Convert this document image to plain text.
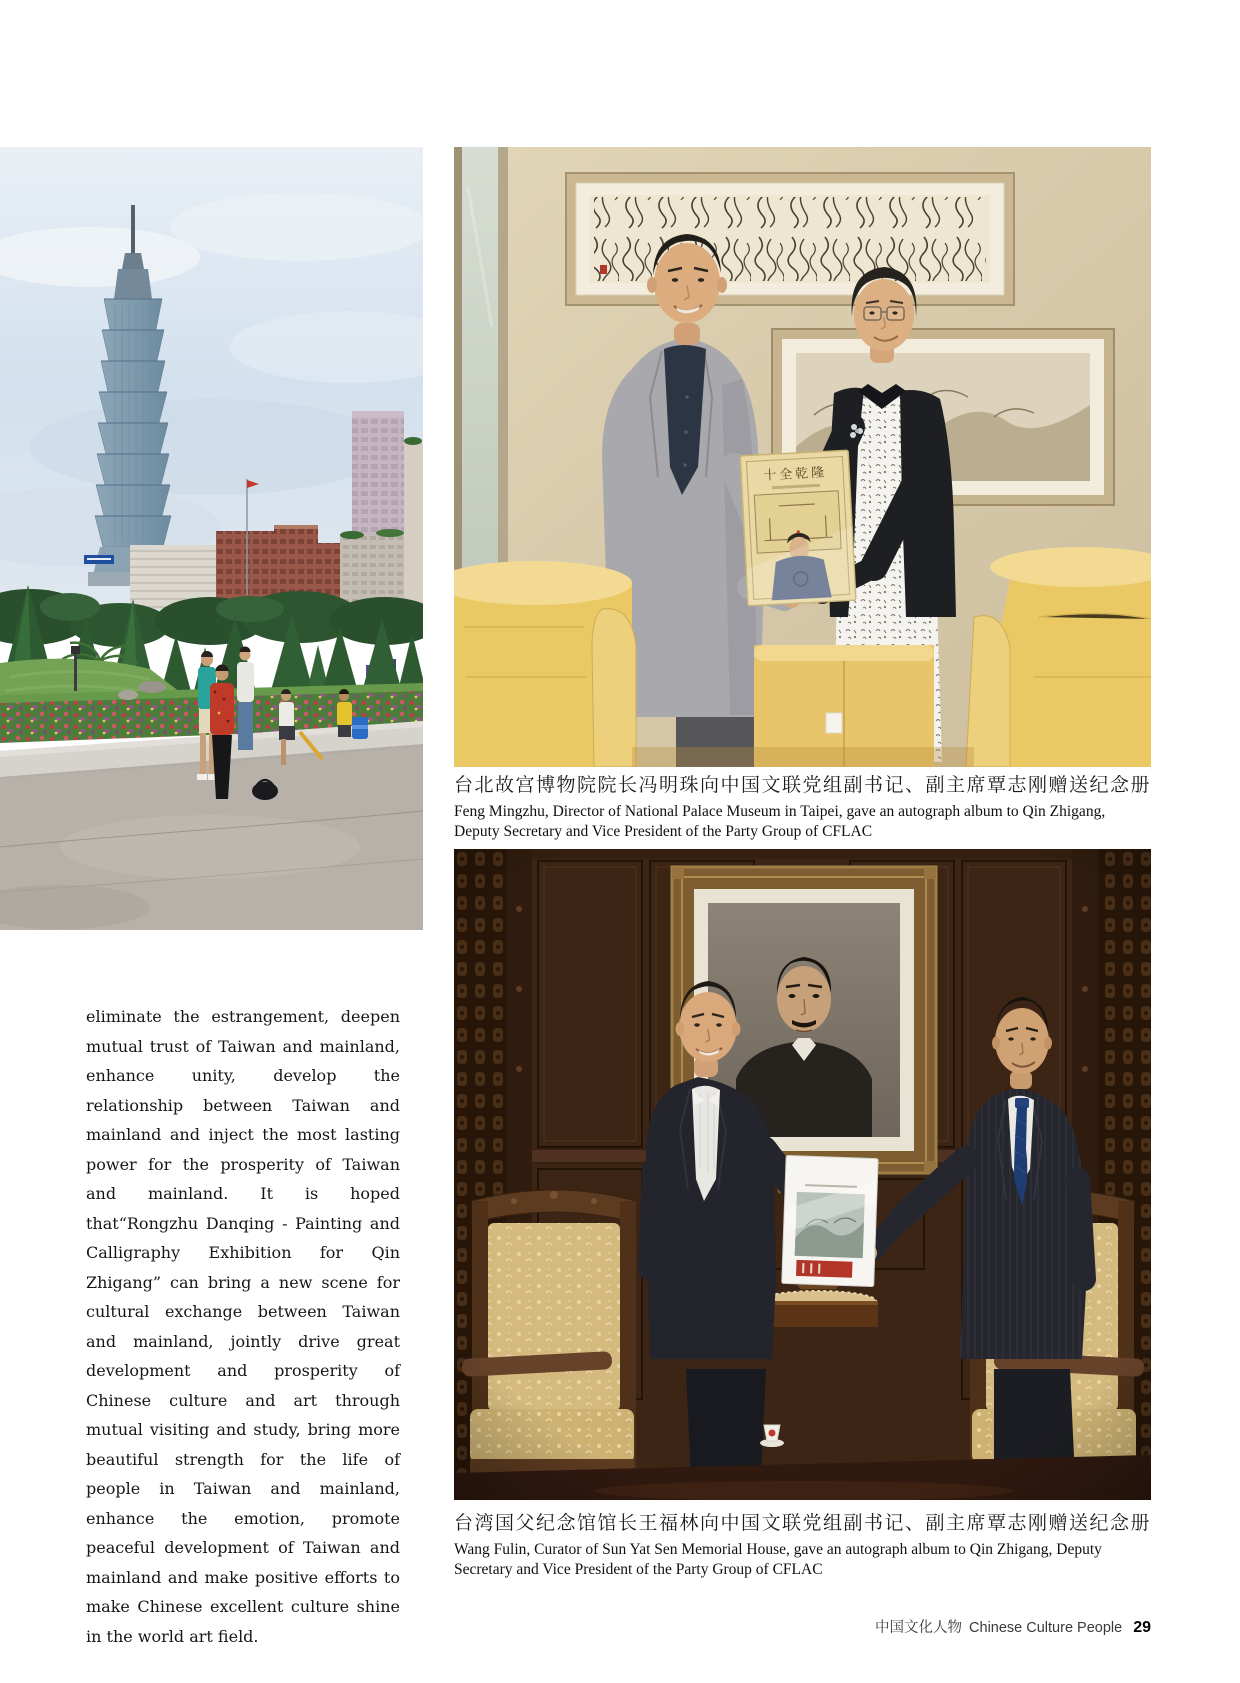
十全乾隆

台北故宫博物院院长冯明珠向中国文联党组副书记、副主席覃志刚赠送纪念册

Feng Mingzhu, Director of National Palace Museum in Taipei, gave an autograph album to Qin Zhigang, Deputy Secretary and Vice President of the Party Group of CFLAC

台湾国父纪念馆馆长王福林向中国文联党组副书记、副主席覃志刚赠送纪念册

Wang Fulin, Curator of Sun Yat Sen Memorial House, gave an autograph album to Qin Zhigang, Deputy Secretary and Vice President of the Party Group of CFLAC

eliminate the estrangement, deepen mutual trust of Taiwan and mainland, enhance unity, develop the relationship between Taiwan and mainland and inject the most lasting power for the prosperity of Taiwan and mainland. It is hoped that“Rongzhu Danqing - Painting and Calligraphy Exhibition for Qin Zhigang” can bring a new scene for cultural exchange between Taiwan and mainland, jointly drive great development and prosperity of Chinese culture and art through mutual visiting and study, bring more beautiful strength for the life of people in Taiwan and mainland, enhance the emotion, promote peaceful development of Taiwan and mainland and make positive efforts to make Chinese excellent culture shine in the world art field.	中国文化人物 Chinese Culture People 29
